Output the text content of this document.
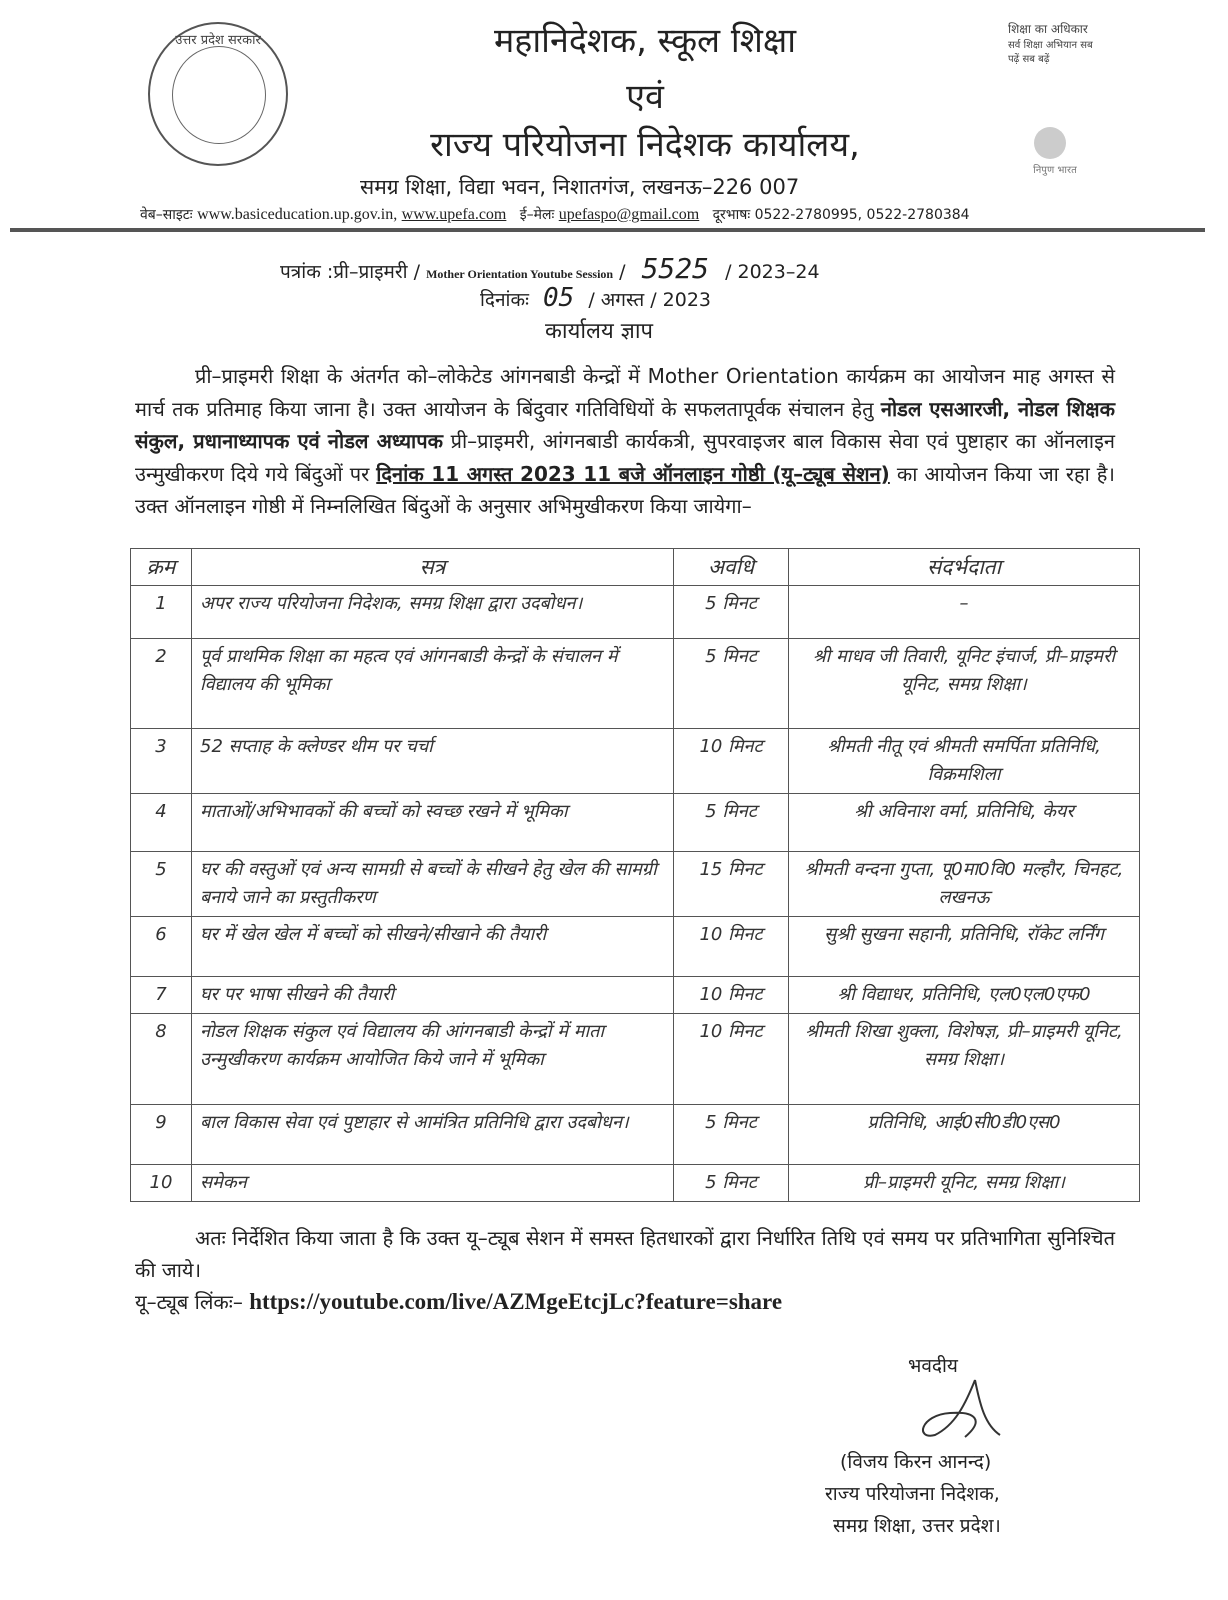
उत्तर प्रदेश सरकार
शिक्षा का अधिकार
सर्व शिक्षा अभियान सब पढ़ें सब बढ़ें
निपुण भारत
महानिदेशक, स्कूल शिक्षा
एवं
राज्य परियोजना निदेशक कार्यालय,
समग्र शिक्षा, विद्या भवन, निशातगंज, लखनऊ–226 007
वेब–साइटः www.basiceducation.up.gov.in, www.upefa.com ई–मेलः upefaspo@gmail.com दूरभाषः 0522-2780995, 0522-2780384
पत्रांक :प्री–प्राइमरी / Mother Orientation Youtube Session / 5525 / 2023–24
दिनांकः 05 / अगस्त / 2023
कार्यालय ज्ञाप
प्री–प्राइमरी शिक्षा के अंतर्गत को–लोकेटेड आंगनबाडी केन्द्रों में Mother Orientation कार्यक्रम का आयोजन माह अगस्त से मार्च तक प्रतिमाह किया जाना है। उक्त आयोजन के बिंदुवार गतिविधियों के सफलतापूर्वक संचालन हेतु नोडल एसआरजी, नोडल शिक्षक संकुल, प्रधानाध्यापक एवं नोडल अध्यापक प्री–प्राइमरी, आंगनबाडी कार्यकत्री, सुपरवाइजर बाल विकास सेवा एवं पुष्टाहार का ऑनलाइन उन्मुखीकरण दिये गये बिंदुओं पर दिनांक 11 अगस्त 2023 11 बजे ऑनलाइन गोष्ठी (यू–ट्यूब सेशन) का आयोजन किया जा रहा है। उक्त ऑनलाइन गोष्ठी में निम्नलिखित बिंदुओं के अनुसार अभिमुखीकरण किया जायेगा–
क्रम	सत्र	अवधि	संदर्भदाता
1	अपर राज्य परियोजना निदेशक, समग्र शिक्षा द्वारा उदबोधन।	5 मिनट	–
2	पूर्व प्राथमिक शिक्षा का महत्व एवं आंगनबाडी केन्द्रों के संचालन में विद्यालय की भूमिका	5 मिनट	श्री माधव जी तिवारी, यूनिट इंचार्ज, प्री–प्राइमरी यूनिट, समग्र शिक्षा।
3	52 सप्ताह के क्लेण्डर थीम पर चर्चा	10 मिनट	श्रीमती नीतू एवं श्रीमती समर्पिता प्रतिनिधि, विक्रमशिला
4	माताओं/अभिभावकों की बच्चों को स्वच्छ रखने में भूमिका	5 मिनट	श्री अविनाश वर्मा, प्रतिनिधि, केयर
5	घर की वस्तुओं एवं अन्य सामग्री से बच्चों के सीखने हेतु खेल की सामग्री बनाये जाने का प्रस्तुतीकरण	15 मिनट	श्रीमती वन्दना गुप्ता, पू0मा0वि0 मल्हौर, चिनहट, लखनऊ
6	घर में खेल खेल में बच्चों को सीखने/सीखाने की तैयारी	10 मिनट	सुश्री सुखना सहानी, प्रतिनिधि, रॉकेट लर्निंग
7	घर पर भाषा सीखने की तैयारी	10 मिनट	श्री विद्याधर, प्रतिनिधि, एल0एल0एफ0
8	नोडल शिक्षक संकुल एवं विद्यालय की आंगनबाडी केन्द्रों में माता उन्मुखीकरण कार्यक्रम आयोजित किये जाने में भूमिका	10 मिनट	श्रीमती शिखा शुक्ला, विशेषज्ञ, प्री–प्राइमरी यूनिट, समग्र शिक्षा।
9	बाल विकास सेवा एवं पुष्टाहार से आमंत्रित प्रतिनिधि द्वारा उदबोधन।	5 मिनट	प्रतिनिधि, आई0सी0डी0एस0
10	समेकन	5 मिनट	प्री–प्राइमरी यूनिट, समग्र शिक्षा।
अतः निर्देशित किया जाता है कि उक्त यू–ट्यूब सेशन में समस्त हितधारकों द्वारा निर्धारित तिथि एवं समय पर प्रतिभागिता सुनिश्चित की जाये।
यू–ट्यूब लिंकः– https://youtube.com/live/AZMgeEtcjLc?feature=share
भवदीय
(विजय किरन आनन्द)
राज्य परियोजना निदेशक,
समग्र शिक्षा, उत्तर प्रदेश।
